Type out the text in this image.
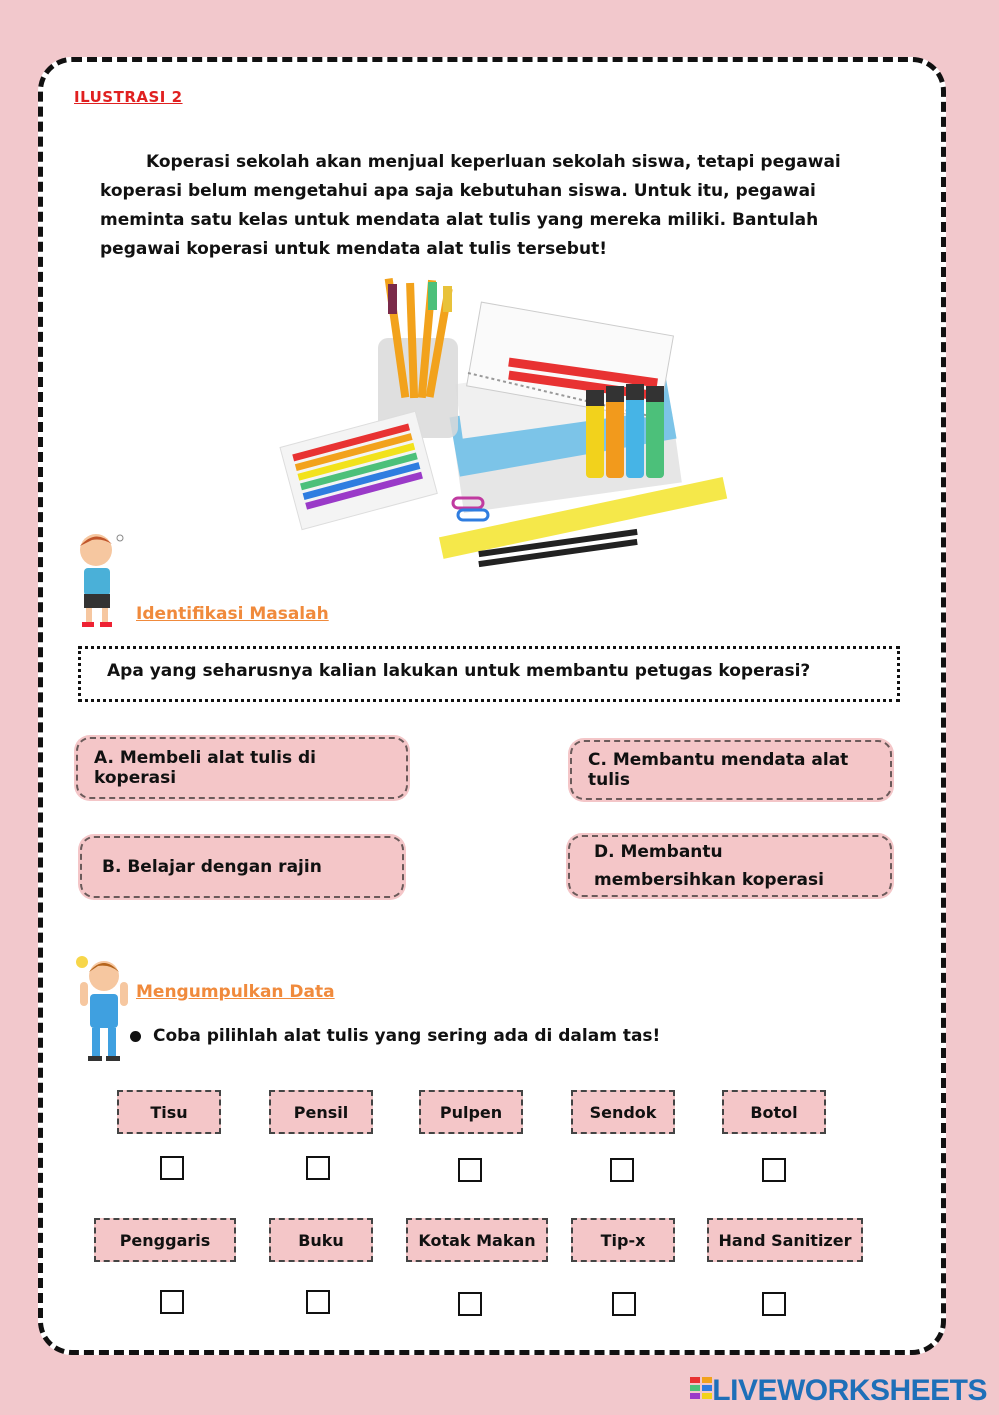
ILUSTRASI 2

Koperasi sekolah akan menjual keperluan sekolah siswa, tetapi pegawai koperasi belum mengetahui apa saja kebutuhan siswa. Untuk itu, pegawai meminta satu kelas untuk mendata alat tulis yang mereka miliki. Bantulah pegawai koperasi untuk mendata alat tulis tersebut!

Identifikasi Masalah
Apa yang seharusnya kalian lakukan untuk membantu petugas koperasi?
A. Membeli alat tulis di koperasi
B. Belajar dengan rajin
C. Membantu mendata alat tulis
D. Membantu membersihkan koperasi
Mengumpulkan Data
Coba pilihlah alat tulis yang sering ada di dalam tas!
Tisu	Pensil	Pulpen	Sendok	Botol
Penggaris	Buku	Kotak Makan	Tip-x	Hand Sanitizer
LIVEWORKSHEETS
